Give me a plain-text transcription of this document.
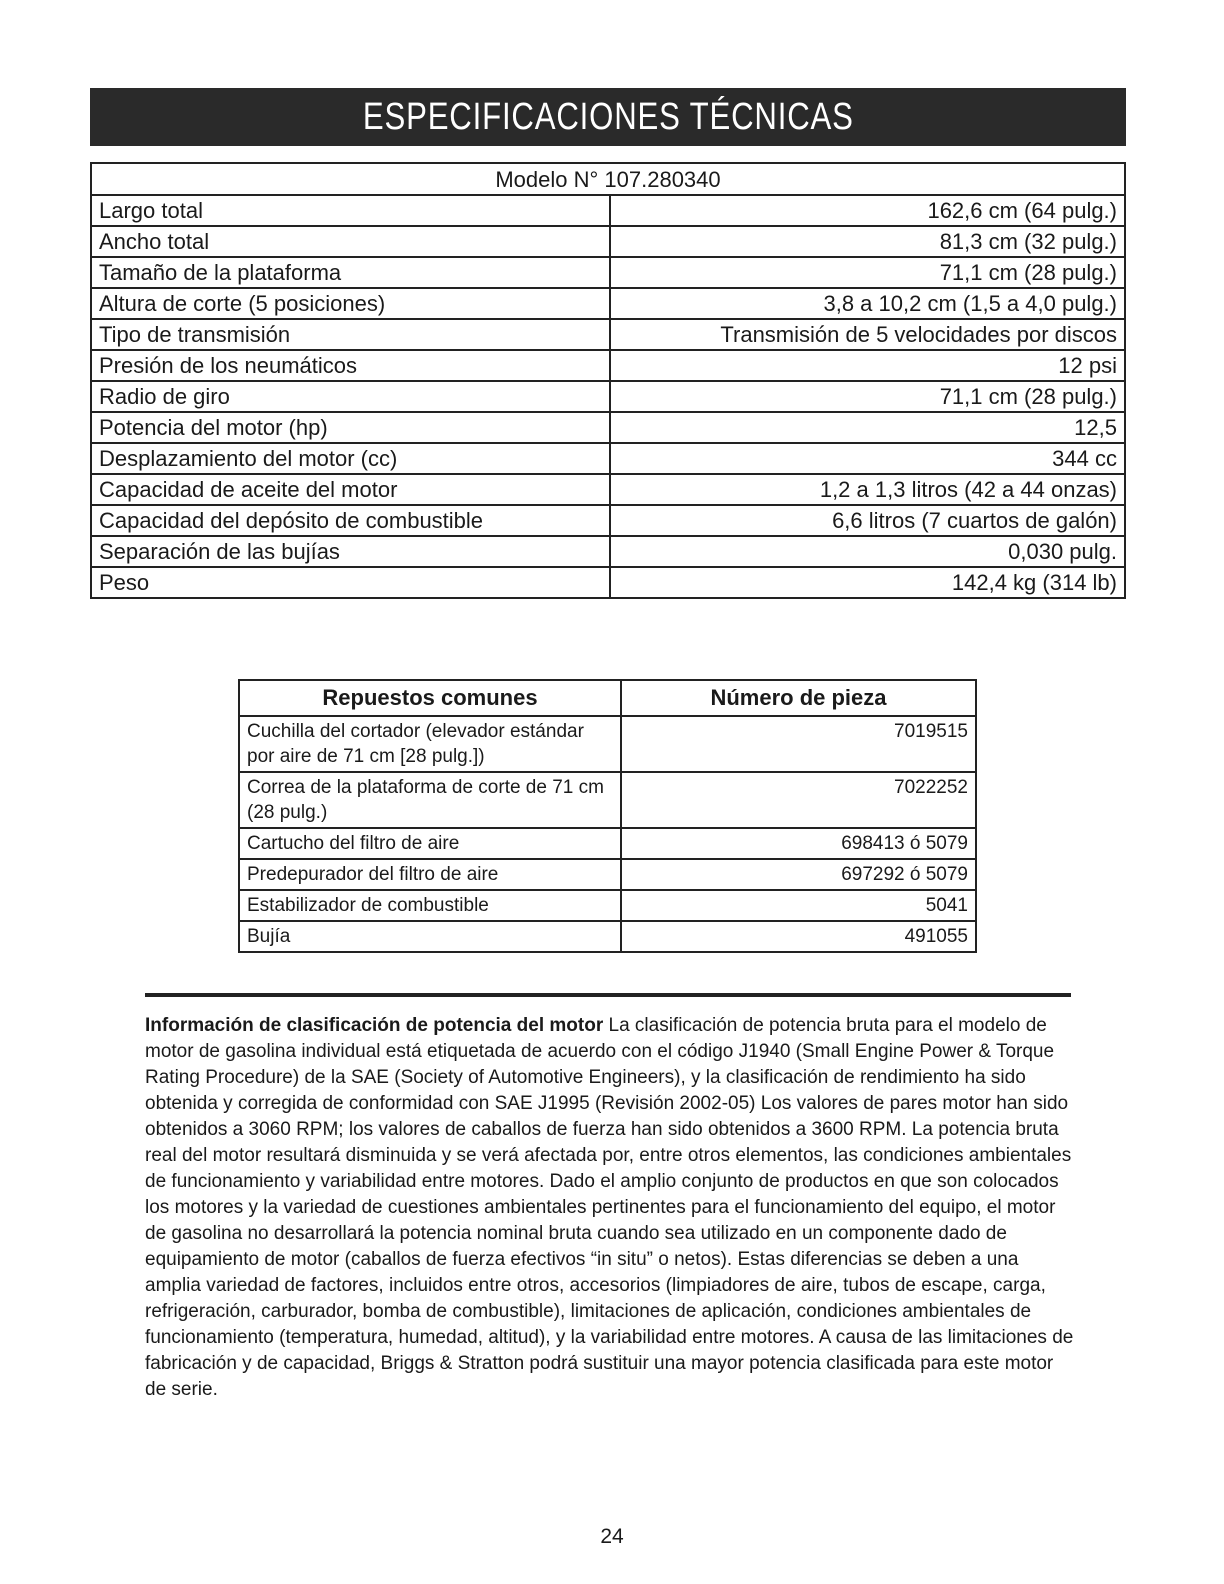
ESPECIFICACIONES TÉCNICAS
Modelo N° 107.280340	
Largo total	162,6 cm (64 pulg.)
Ancho total	81,3 cm (32 pulg.)
Tamaño de la plataforma	71,1 cm (28 pulg.)
Altura de corte (5 posiciones)	3,8 a 10,2 cm (1,5 a 4,0 pulg.)
Tipo de transmisión	Transmisión de 5 velocidades por discos
Presión de los neumáticos	12 psi
Radio de giro	71,1 cm (28 pulg.)
Potencia del motor (hp)	12,5
Desplazamiento del motor (cc)	344 cc
Capacidad de aceite del motor	1,2 a 1,3 litros (42 a 44 onzas)
Capacidad del depósito de combustible	6,6 litros (7 cuartos de galón)
Separación de las bujías	0,030 pulg.
Peso	142,4 kg (314 lb)
Repuestos comunes	Número de pieza
Cuchilla del cortador (elevador estándar por aire de 71 cm [28 pulg.])	7019515
Correa de la plataforma de corte de 71 cm (28 pulg.)	7022252
Cartucho del filtro de aire	698413 ó 5079
Predepurador del filtro de aire	697292 ó 5079
Estabilizador de combustible	5041
Bujía	491055

Información de clasificación de potencia del motor La clasificación de potencia bruta para el modelo de motor de gasolina individual está etiquetada de acuerdo con el código J1940 (Small Engine Power & Torque Rating Procedure) de la SAE (Society of Automotive Engineers), y la clasificación de rendimiento ha sido obtenida y corregida de conformidad con SAE J1995 (Revisión 2002-05) Los valores de pares motor han sido obtenidos a 3060 RPM; los valores de caballos de fuerza han sido obtenidos a 3600 RPM. La potencia bruta real del motor resultará disminuida y se verá afectada por, entre otros elementos, las condiciones ambientales de funcionamiento y variabilidad entre motores. Dado el amplio conjunto de productos en que son colocados los motores y la variedad de cuestiones ambientales pertinentes para el funcionamiento del equipo, el motor de gasolina no desarrollará la potencia nominal bruta cuando sea utilizado en un componente dado de equipamiento de motor (caballos de fuerza efectivos “in situ” o netos). Estas diferencias se deben a una amplia variedad de factores, incluidos entre otros, accesorios (limpiadores de aire, tubos de escape, carga, refrigeración, carburador, bomba de combustible), limitaciones de aplicación, condiciones ambientales de funcionamiento (temperatura, humedad, altitud), y la variabilidad entre motores. A causa de las limitaciones de fabricación y de capacidad, Briggs & Stratton podrá sustituir una mayor potencia clasificada para este motor de serie.

24
